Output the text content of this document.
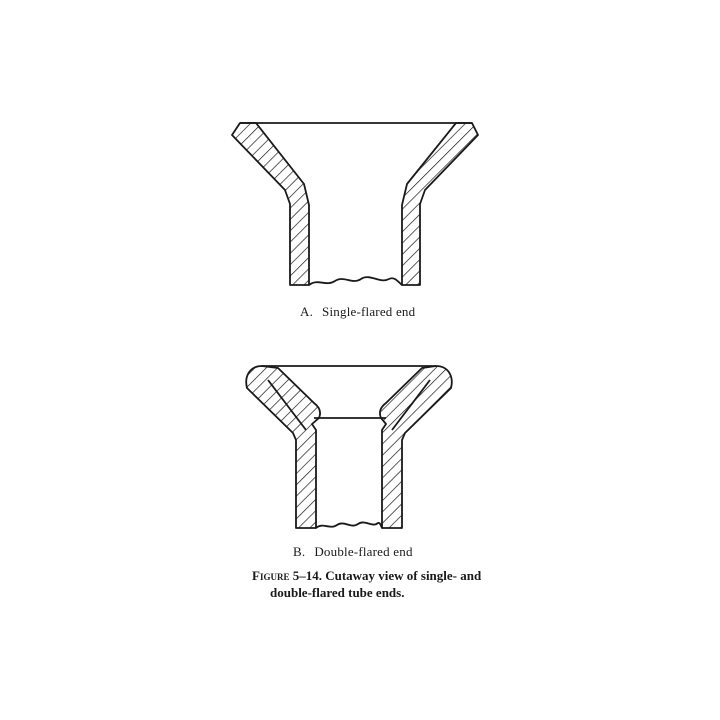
A. Single-flared end
B. Double-flared end
Figure 5–14. Cutaway view of single- and
double-flared tube ends.
